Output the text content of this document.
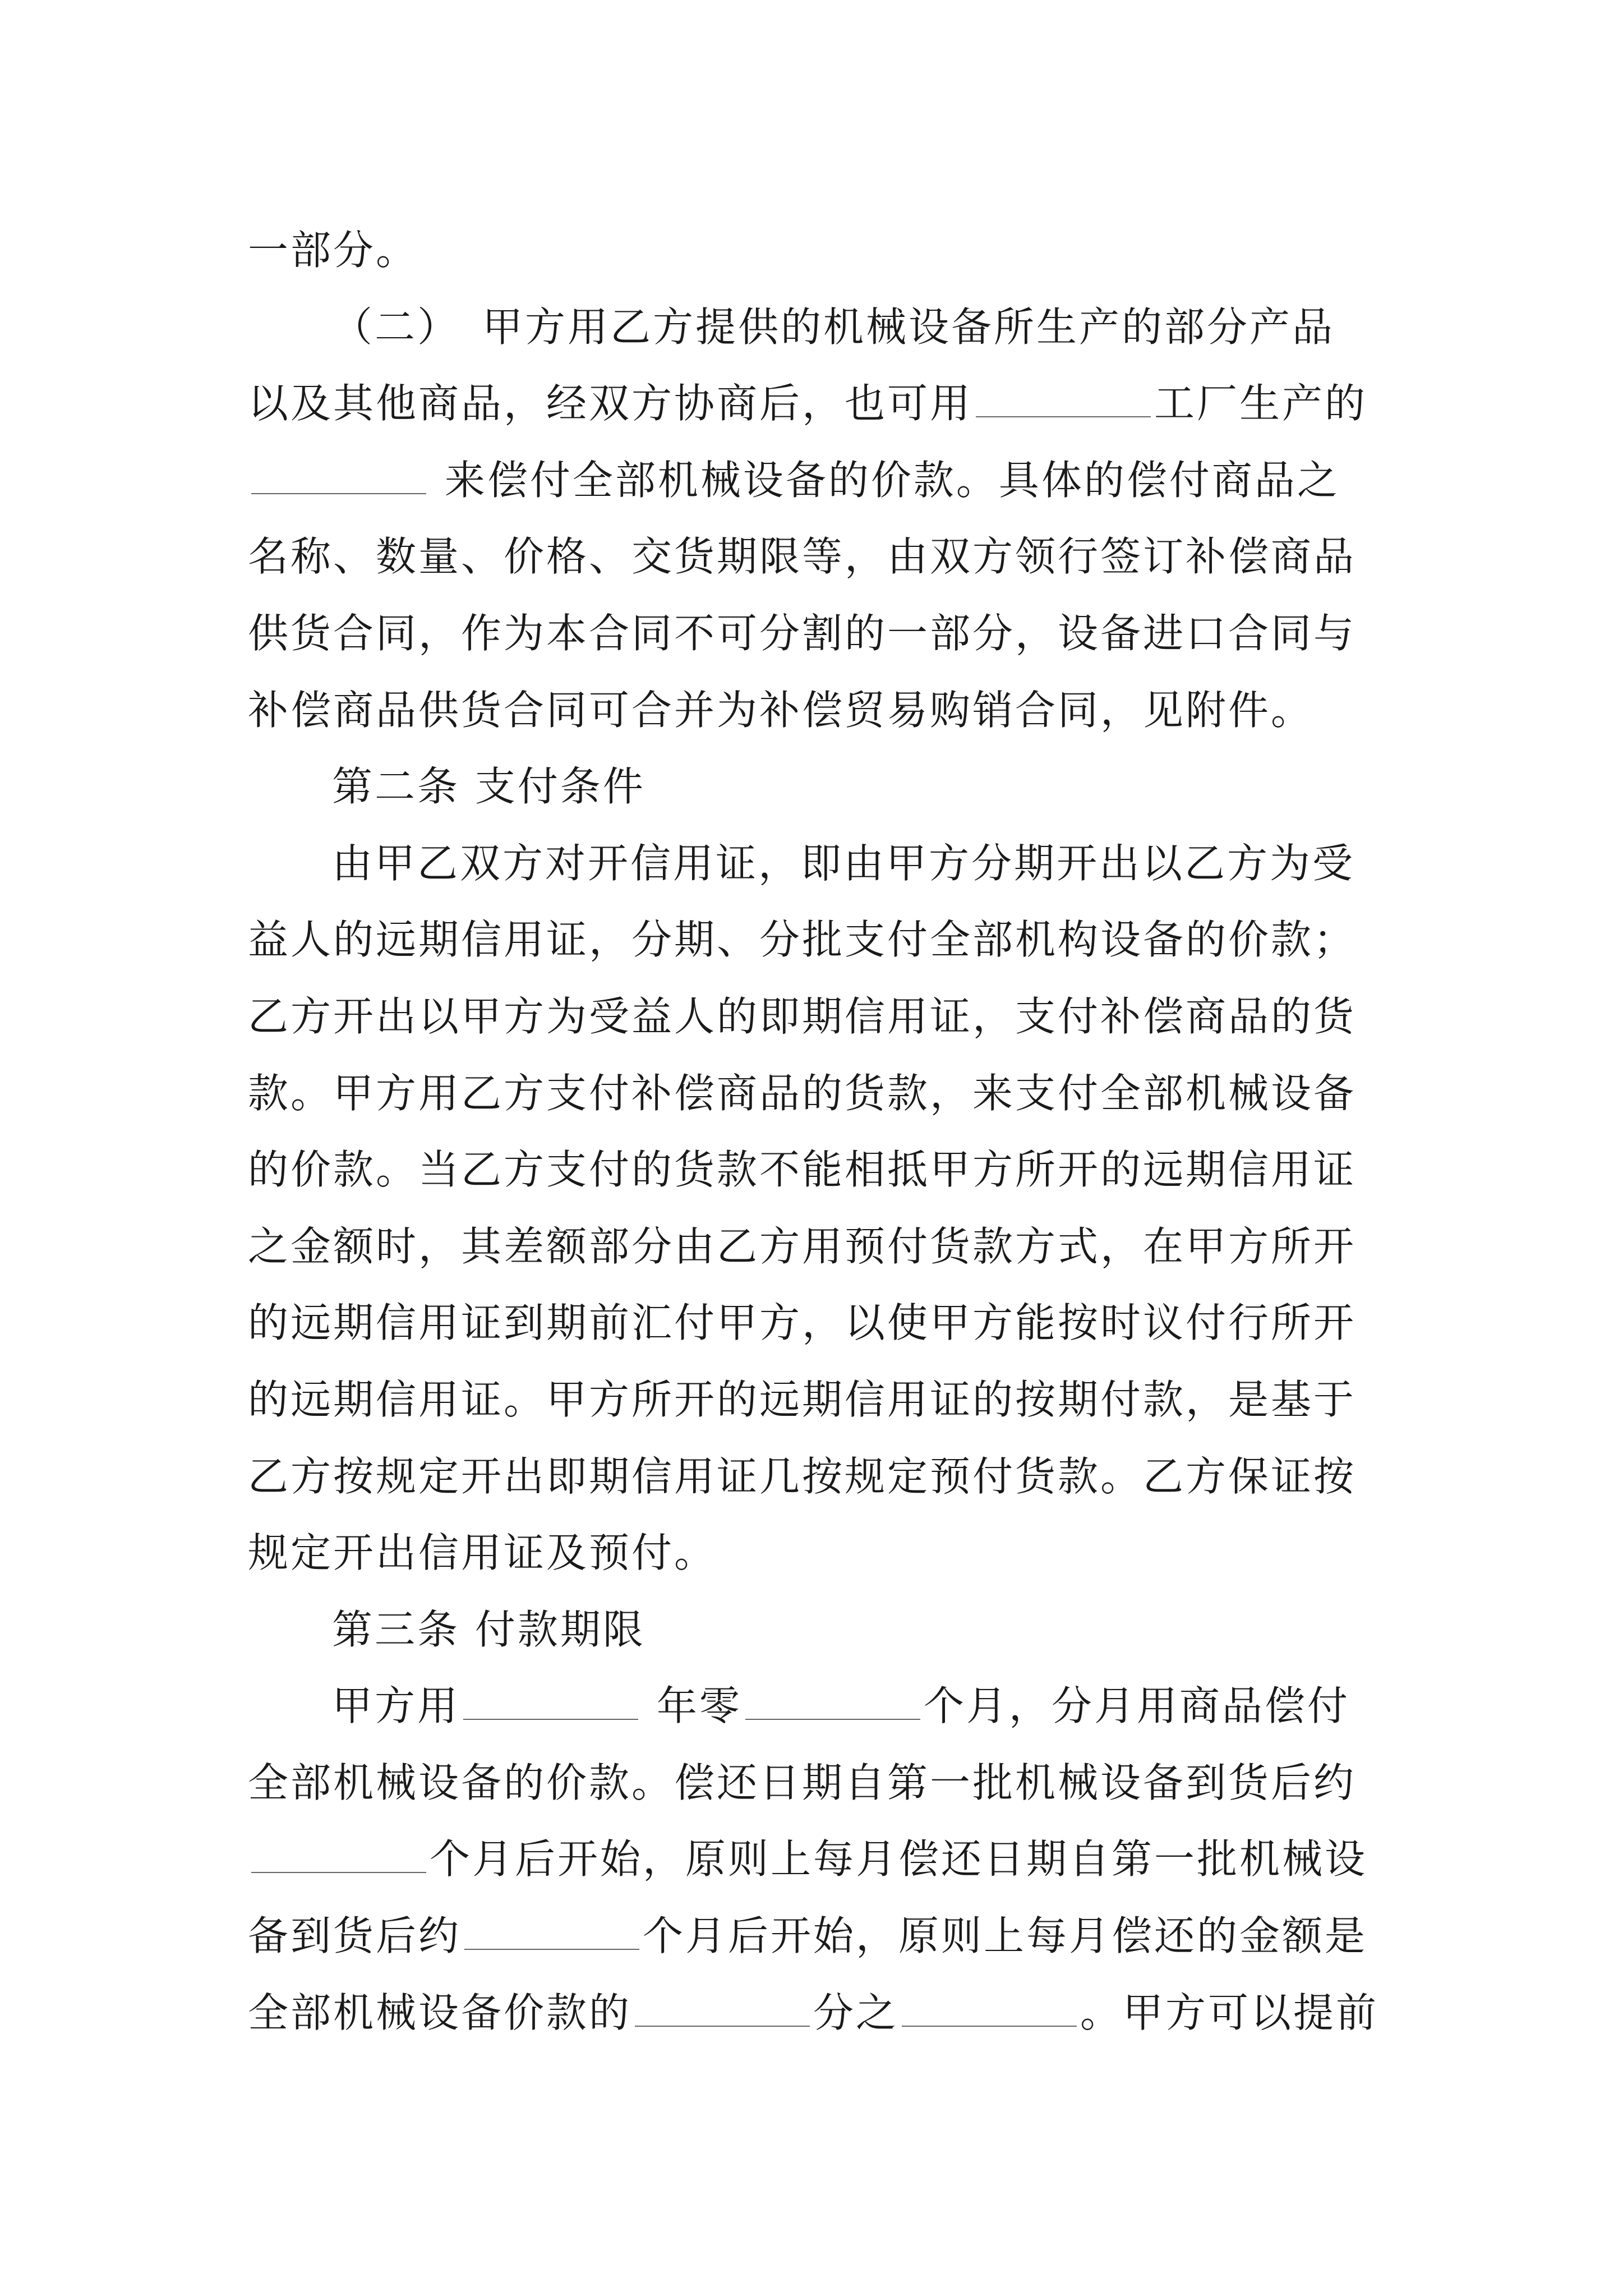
一部分。
（二）　甲方用乙方提供的机械设备所生产的部分产品
以及其他商品，经双方协商后，也可用	工厂生产的
来偿付全部机械设备的价款。具体的偿付商品之
名称、数量、价格、交货期限等，由双方领行签订补偿商品
供货合同，作为本合同不可分割的一部分，设备进口合同与
补偿商品供货合同可合并为补偿贸易购销合同，见附件。
第二条 支付条件
由甲乙双方对开信用证，即由甲方分期开出以乙方为受
益人的远期信用证，分期、分批支付全部机构设备的价款；
乙方开出以甲方为受益人的即期信用证，支付补偿商品的货
款。甲方用乙方支付补偿商品的货款，来支付全部机械设备
的价款。当乙方支付的货款不能相抵甲方所开的远期信用证
之金额时，其差额部分由乙方用预付货款方式，在甲方所开
的远期信用证到期前汇付甲方，以使甲方能按时议付行所开
的远期信用证。甲方所开的远期信用证的按期付款，是基于
乙方按规定开出即期信用证几按规定预付货款。乙方保证按
规定开出信用证及预付。
第三条 付款期限
甲方用	年零	个月，分月用商品偿付
全部机械设备的价款。偿还日期自第一批机械设备到货后约
个月后开始，原则上每月偿还日期自第一批机械设
备到货后约	个月后开始，原则上每月偿还的金额是
全部机械设备价款的	分之	。甲方可以提前
